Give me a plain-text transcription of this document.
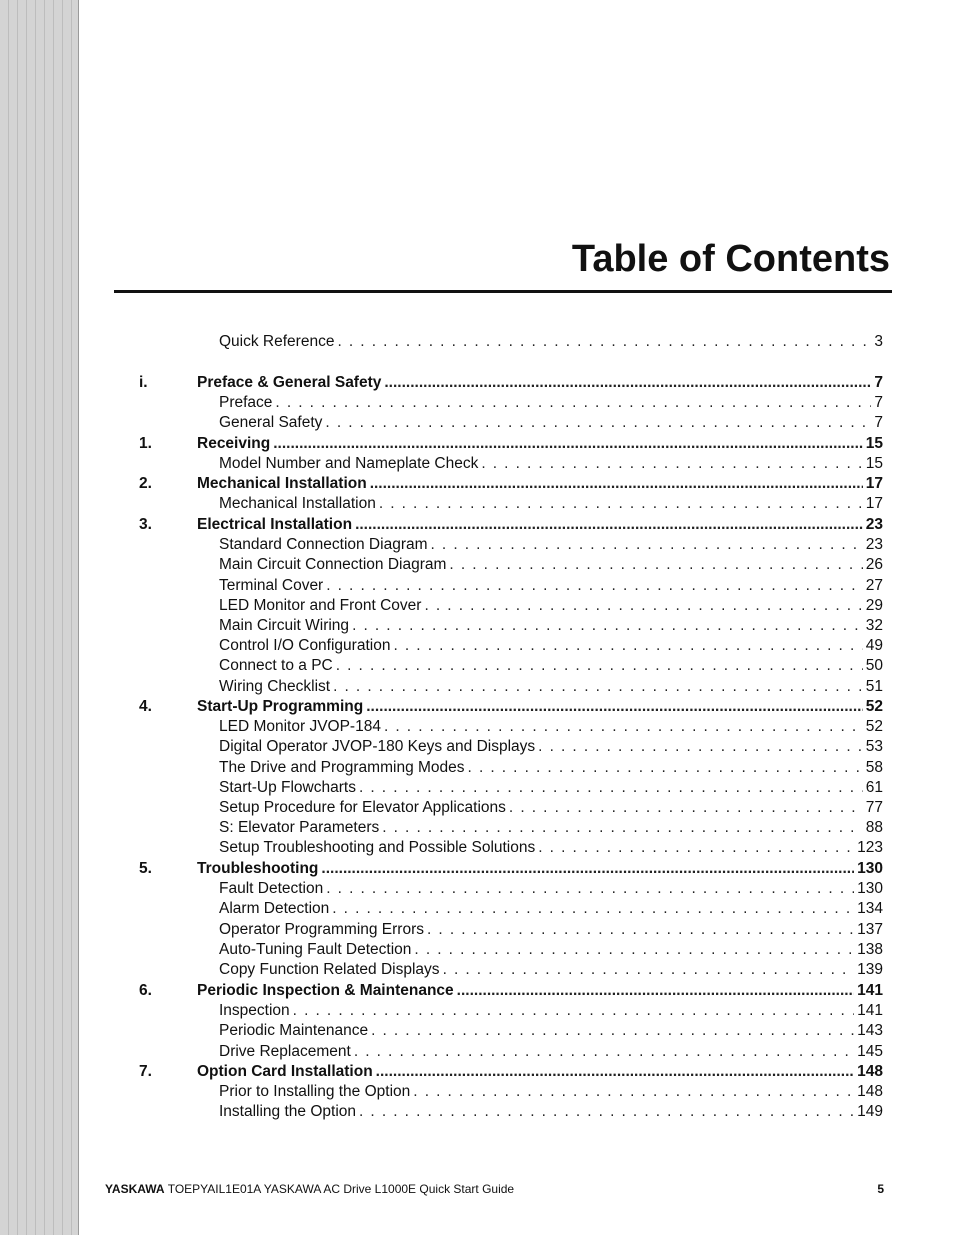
Table of Contents
Quick Reference . . .	3
i.	Preface & General Safety .....	7
Preface . . .	7
General Safety . . .	7
1.	Receiving .....	15
Model Number and Nameplate Check . . .	15
2.	Mechanical Installation .....	17
Mechanical Installation . . .	17
3.	Electrical Installation .....	23
Standard Connection Diagram . . .	23
Main Circuit Connection Diagram . . .	26
Terminal Cover . . .	27
LED Monitor and Front Cover . . .	29
Main Circuit Wiring . . .	32
Control I/O Configuration . . .	49
Connect to a PC . . .	50
Wiring Checklist . . .	51
4.	Start-Up Programming .....	52
LED Monitor JVOP-184 . . .	52
Digital Operator JVOP-180 Keys and Displays . . .	53
The Drive and Programming Modes . . .	58
Start-Up Flowcharts . . .	61
Setup Procedure for Elevator Applications . . .	77
S: Elevator Parameters . . .	88
Setup Troubleshooting and Possible Solutions . . .	123
5.	Troubleshooting .....	130
Fault Detection . . .	130
Alarm Detection . . .	134
Operator Programming Errors . . .	137
Auto-Tuning Fault Detection . . .	138
Copy Function Related Displays . . .	139
6.	Periodic Inspection & Maintenance .....	141
Inspection . . .	141
Periodic Maintenance . . .	143
Drive Replacement . . .	145
7.	Option Card Installation .....	148
Prior to Installing the Option . . .	148
Installing the Option . . .	149
YASKAWA TOEPYAIL1E01A YASKAWA AC Drive L1000E Quick Start Guide	5
